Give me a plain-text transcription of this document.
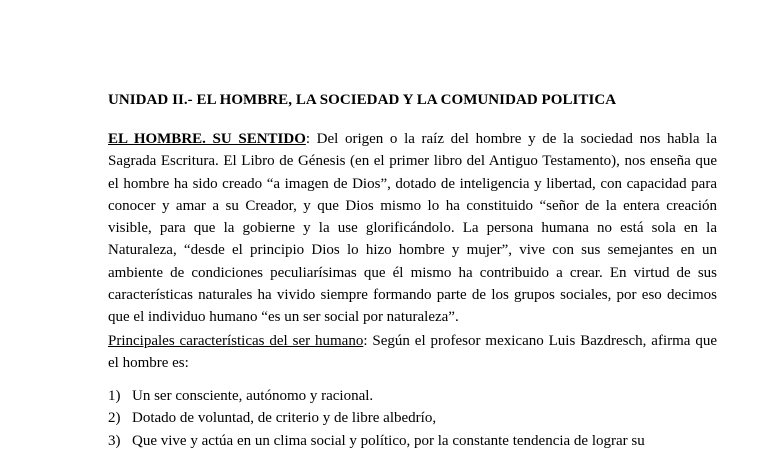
UNIDAD II.- EL HOMBRE, LA SOCIEDAD Y LA COMUNIDAD POLITICA

EL HOMBRE. SU SENTIDO: Del origen o la raíz del hombre y de la sociedad nos habla la Sagrada Escritura. El Libro de Génesis (en el primer libro del Antiguo Testamento), nos enseña que el hombre ha sido creado “a imagen de Dios”, dotado de inteligencia y libertad, con capacidad para conocer y amar a su Creador, y que Dios mismo lo ha constituido “señor de la entera creación visible, para que la gobierne y la use glorificándolo. La persona humana no está sola en la Naturaleza, “desde el principio Dios lo hizo hombre y mujer”, vive con sus semejantes en un ambiente de condiciones peculiarísimas que él mismo ha contribuido a crear. En virtud de sus características naturales ha vivido siempre formando parte de los grupos sociales, por eso decimos que el individuo humano “es un ser social por naturaleza”.

Principales características del ser humano: Según el profesor mexicano Luis Bazdresch, afirma que el hombre es:

1) Un ser consciente, autónomo y racional.
2) Dotado de voluntad, de criterio y de libre albedrío,
3) Que vive y actúa en un clima social y político, por la constante tendencia de lograr su
